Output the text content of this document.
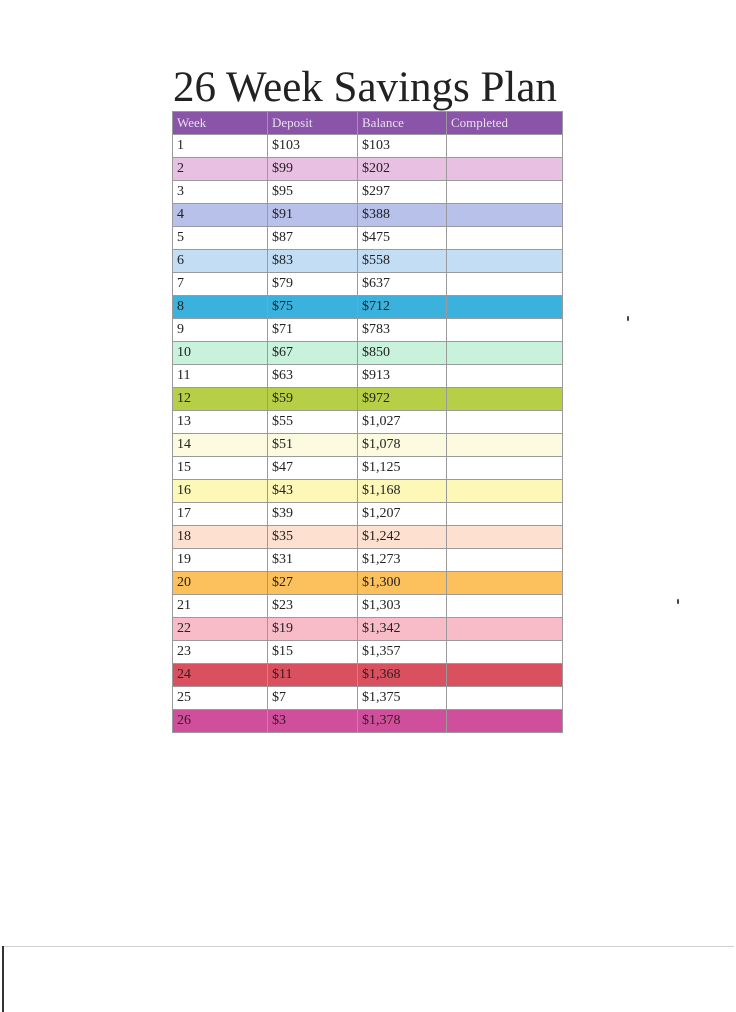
26 Week Savings Plan
Week	Deposit	Balance	Completed
1	$103	$103	
2	$99	$202	
3	$95	$297	
4	$91	$388	
5	$87	$475	
6	$83	$558	
7	$79	$637	
8	$75	$712	
9	$71	$783	
10	$67	$850	
11	$63	$913	
12	$59	$972	
13	$55	$1,027	
14	$51	$1,078	
15	$47	$1,125	
16	$43	$1,168	
17	$39	$1,207	
18	$35	$1,242	
19	$31	$1,273	
20	$27	$1,300	
21	$23	$1,303	
22	$19	$1,342	
23	$15	$1,357	
24	$11	$1,368	
25	$7	$1,375	
26	$3	$1,378	
